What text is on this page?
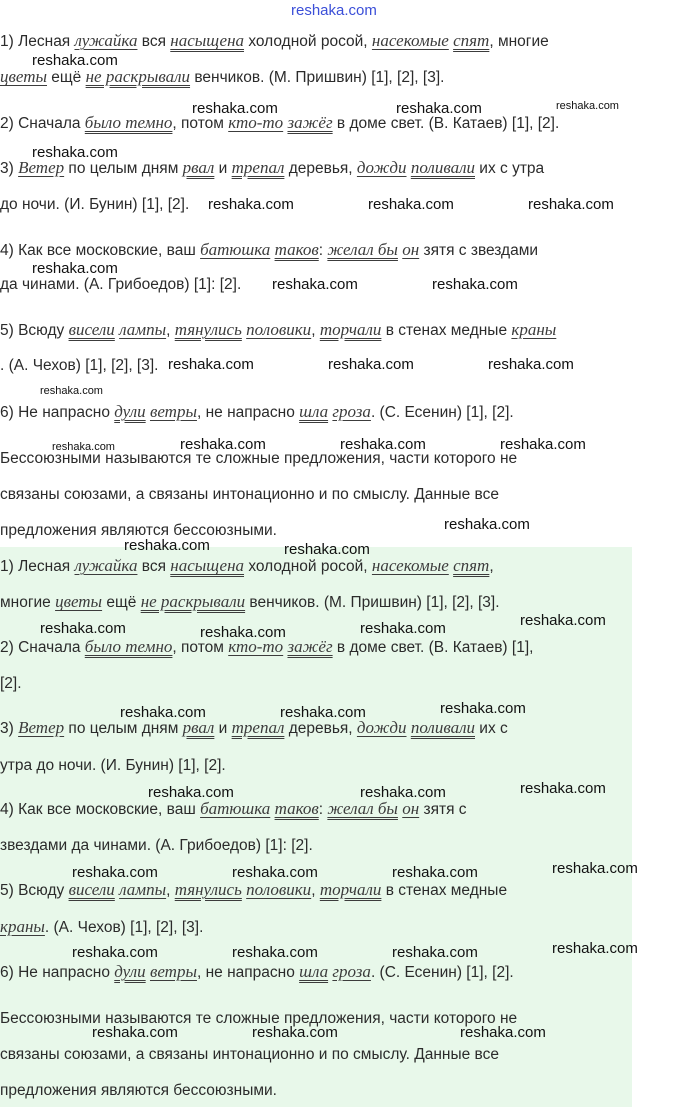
1) Лесная лужайка вся насыщена холодной росой, насекомые спят, многие
цветы ещё не раскрывали венчиков. (М. Пришвин) [1], [2], [3].
2) Сначала было темно, потом кто-то зажёг в доме свет. (В. Катаев) [1], [2].
3) Ветер по целым дням рвал и трепал деревья, дожди поливали их с утра
до ночи. (И. Бунин) [1], [2].
4) Как все московские, ваш батюшка таков: желал бы он зятя с звездами
да чинами. (А. Грибоедов) [1]: [2].
5) Всюду висели лампы, тянулись половики, торчали в стенах медные краны
. (А. Чехов) [1], [2], [3].
6) Не напрасно дули ветры, не напрасно шла гроза. (С. Есенин) [1], [2].
Бессоюзными называются те сложные предложения, части которого не
связаны союзами, а связаны интонационно и по смыслу. Данные все
предложения являются бессоюзными.
1) Лесная лужайка вся насыщена холодной росой, насекомые спят,
многие цветы ещё не раскрывали венчиков. (М. Пришвин) [1], [2], [3].
2) Сначала было темно, потом кто-то зажёг в доме свет. (В. Катаев) [1],
[2].
3) Ветер по целым дням рвал и трепал деревья, дожди поливали их с
утра до ночи. (И. Бунин) [1], [2].
4) Как все московские, ваш батюшка таков: желал бы он зятя с
звездами да чинами. (А. Грибоедов) [1]: [2].
5) Всюду висели лампы, тянулись половики, торчали в стенах медные
краны. (А. Чехов) [1], [2], [3].
6) Не напрасно дули ветры, не напрасно шла гроза. (С. Есенин) [1], [2].
Бессоюзными называются те сложные предложения, части которого не
связаны союзами, а связаны интонационно и по смыслу. Данные все
предложения являются бессоюзными.
reshaka.com
reshaka.com
reshaka.com	reshaka.com	reshaka.com
reshaka.com
reshaka.com	reshaka.com	reshaka.com
reshaka.com
reshaka.com	reshaka.com
reshaka.com	reshaka.com	reshaka.com
reshaka.com
reshaka.com	reshaka.com	reshaka.com	reshaka.com
reshaka.com
reshaka.com	reshaka.com
reshaka.com
reshaka.com	reshaka.com	reshaka.com
reshaka.com
reshaka.com	reshaka.com
reshaka.com
reshaka.com	reshaka.com
reshaka.com
reshaka.com	reshaka.com	reshaka.com
reshaka.com
reshaka.com	reshaka.com	reshaka.com
reshaka.com	reshaka.com	reshaka.com
